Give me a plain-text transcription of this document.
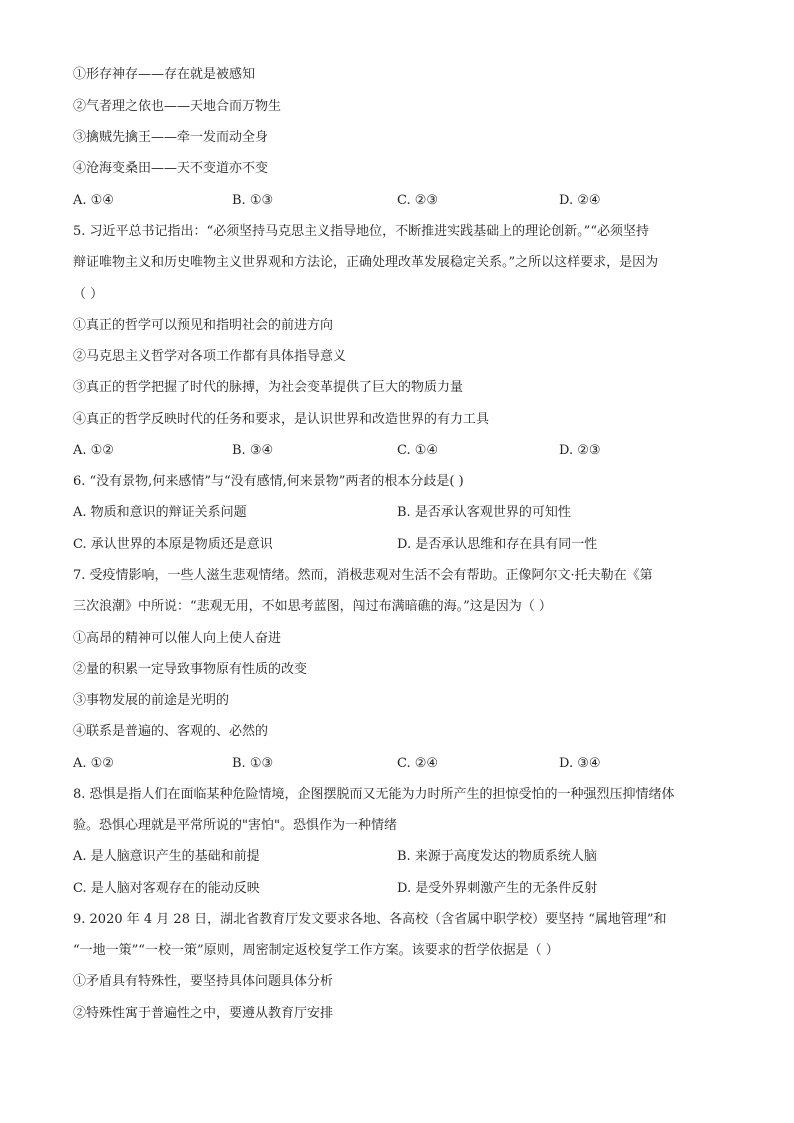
①形存神存——存在就是被感知
②气者理之依也——天地合而万物生
③擒贼先擒王——牵一发而动全身
④沧海变桑田——天不变道亦不变
A. ①④	B. ①③	C. ②③	D. ②④
5. 习近平总书记指出：“必须坚持马克思主义指导地位，不断推进实践基础上的理论创新。”“必须坚持
辩证唯物主义和历史唯物主义世界观和方法论，正确处理改革发展稳定关系。”之所以这样要求，是因为
（ ）
①真正的哲学可以预见和指明社会的前进方向
②马克思主义哲学对各项工作都有具体指导意义
③真正的哲学把握了时代的脉搏，为社会变革提供了巨大的物质力量
④真正的哲学反映时代的任务和要求，是认识世界和改造世界的有力工具
A. ①②	B. ③④	C. ①④	D. ②③
6. “没有景物,何来感情”与“没有感情,何来景物”两者的根本分歧是( )
A. 物质和意识的辩证关系问题	B. 是否承认客观世界的可知性
C. 承认世界的本原是物质还是意识	D. 是否承认思维和存在具有同一性
7. 受疫情影响，一些人滋生悲观情绪。然而，消极悲观对生活不会有帮助。正像阿尔文·托夫勒在《第
三次浪潮》中所说：“悲观无用，不如思考蓝图，闯过布满暗礁的海。”这是因为（ ）
①高昂的精神可以催人向上使人奋进
②量的积累一定导致事物原有性质的改变
③事物发展的前途是光明的
④联系是普遍的、客观的、必然的
A. ①②	B. ①③	C. ②④	D. ③④
8. 恐惧是指人们在面临某种危险情境，企图摆脱而又无能为力时所产生的担惊受怕的一种强烈压抑情绪体
验。恐惧心理就是平常所说的"害怕"。恐惧作为一种情绪
A. 是人脑意识产生的基础和前提	B. 来源于高度发达的物质系统人脑
C. 是人脑对客观存在的能动反映	D. 是受外界刺激产生的无条件反射
9. 2020 年 4 月 28 日，湖北省教育厅发文要求各地、各高校（含省属中职学校）要坚持 “属地管理”和
“一地一策”“一校一策”原则，周密制定返校复学工作方案。该要求的哲学依据是（ ）
①矛盾具有特殊性，要坚持具体问题具体分析
②特殊性寓于普遍性之中，要遵从教育厅安排
